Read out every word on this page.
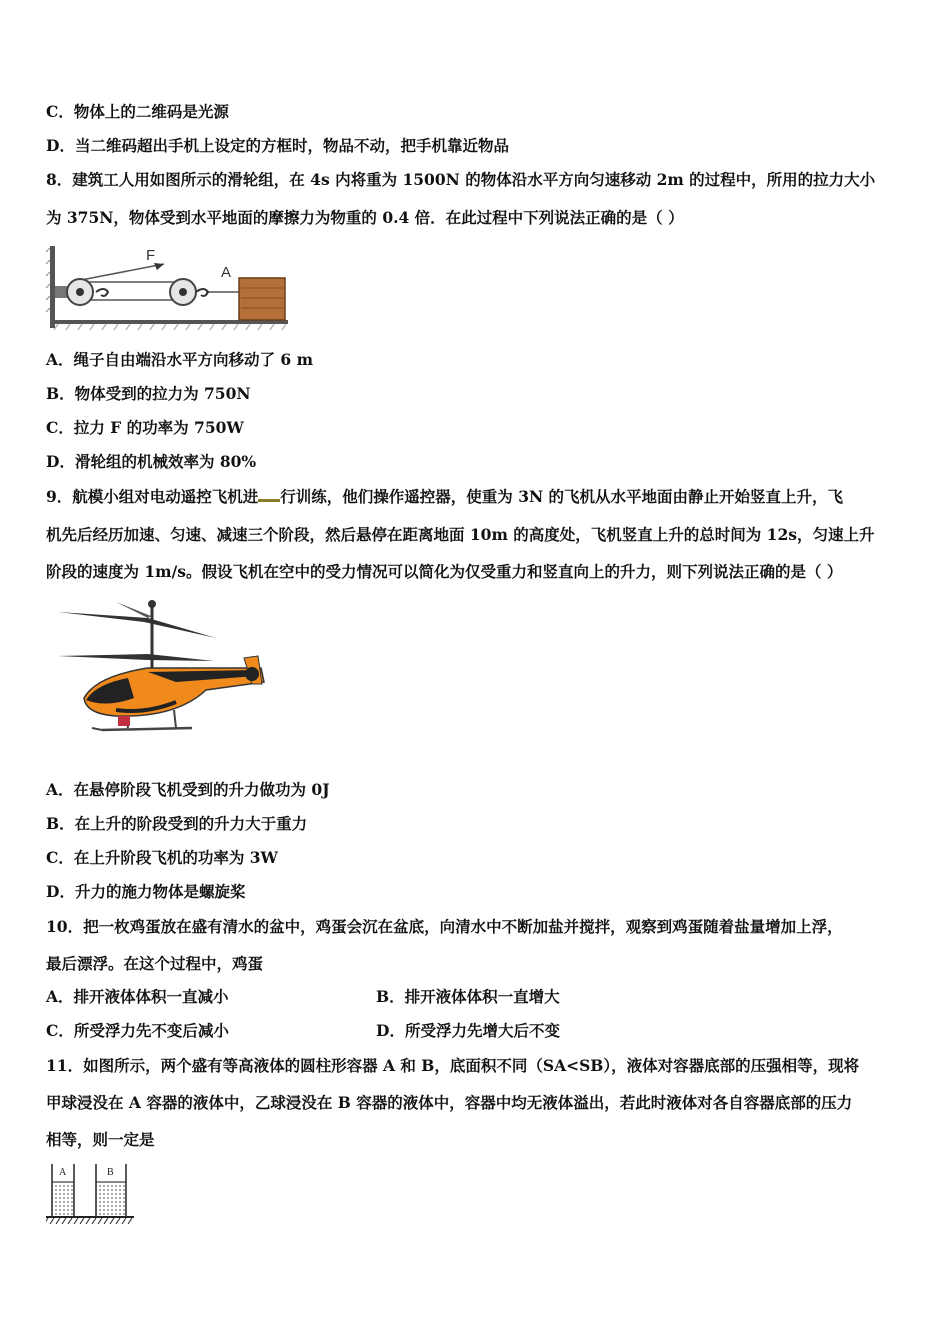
C．物体上的二维码是光源
D．当二维码超出手机上设定的方框时，物品不动，把手机靠近物品
8．建筑工人用如图所示的滑轮组，在 4s 内将重为 1500N 的物体沿水平方向匀速移动 2m 的过程中，所用的拉力大小
为 375N，物体受到水平地面的摩擦力为物重的 0.4 倍．在此过程中下列说法正确的是（ ）
F
A
A．绳子自由端沿水平方向移动了 6 m
B．物体受到的拉力为 750N
C．拉力 F 的功率为 750W
D．滑轮组的机械效率为 80%
9．航模小组对电动遥控飞机进 行训练，他们操作遥控器，使重为 3N 的飞机从水平地面由静止开始竖直上升，飞
机先后经历加速、匀速、减速三个阶段，然后悬停在距离地面 10m 的高度处，飞机竖直上升的总时间为 12s，匀速上升
阶段的速度为 1m/s。假设飞机在空中的受力情况可以简化为仅受重力和竖直向上的升力，则下列说法正确的是（ ）
A．在悬停阶段飞机受到的升力做功为 0J
B．在上升的阶段受到的升力大于重力
C．在上升阶段飞机的功率为 3W
D．升力的施力物体是螺旋桨
10．把一枚鸡蛋放在盛有清水的盆中，鸡蛋会沉在盆底，向清水中不断加盐并搅拌，观察到鸡蛋随着盐量增加上浮，
最后漂浮。在这个过程中，鸡蛋
A．排开液体体积一直减小	B．排开液体体积一直增大
C．所受浮力先不变后减小	D．所受浮力先增大后不变
11．如图所示，两个盛有等高液体的圆柱形容器 A 和 B，底面积不同（SA<SB），液体对容器底部的压强相等，现将
甲球浸没在 A 容器的液体中，乙球浸没在 B 容器的液体中，容器中均无液体溢出，若此时液体对各自容器底部的压力
相等，则一定是
A	B
